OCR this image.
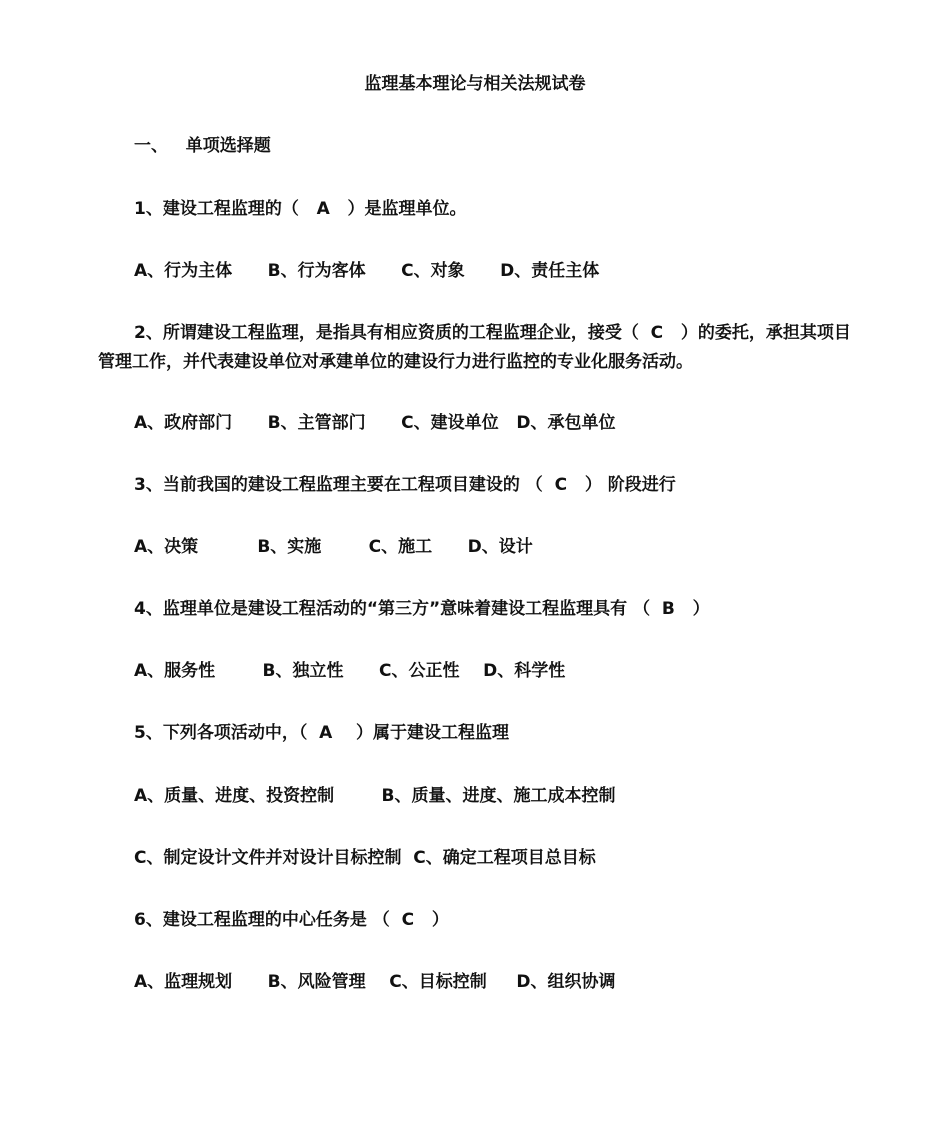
监理基本理论与相关法规试卷
一、   单项选择题
1、建设工程监理的（   A   ）是监理单位。
A、行为主体      B、行为客体      C、对象      D、责任主体
2、所谓建设工程监理，是指具有相应资质的工程监理企业，接受（  C   ）的委托，承担其项目
管理工作，并代表建设单位对承建单位的建设行力进行监控的专业化服务活动。
A、政府部门      B、主管部门      C、建设单位   D、承包单位
3、当前我国的建设工程监理主要在工程项目建设的 （  C   ） 阶段进行
A、决策          B、实施        C、施工      D、设计
4、监理单位是建设工程活动的“第三方”意味着建设工程监理具有 （  B   ）
A、服务性        B、独立性      C、公正性    D、科学性
5、下列各项活动中，（  A    ）属于建设工程监理
A、质量、进度、投资控制        B、质量、进度、施工成本控制
C、制定设计文件并对设计目标控制  C、确定工程项目总目标
6、建设工程监理的中心任务是 （  C   ）
A、监理规划      B、风险管理    C、目标控制     D、组织协调
